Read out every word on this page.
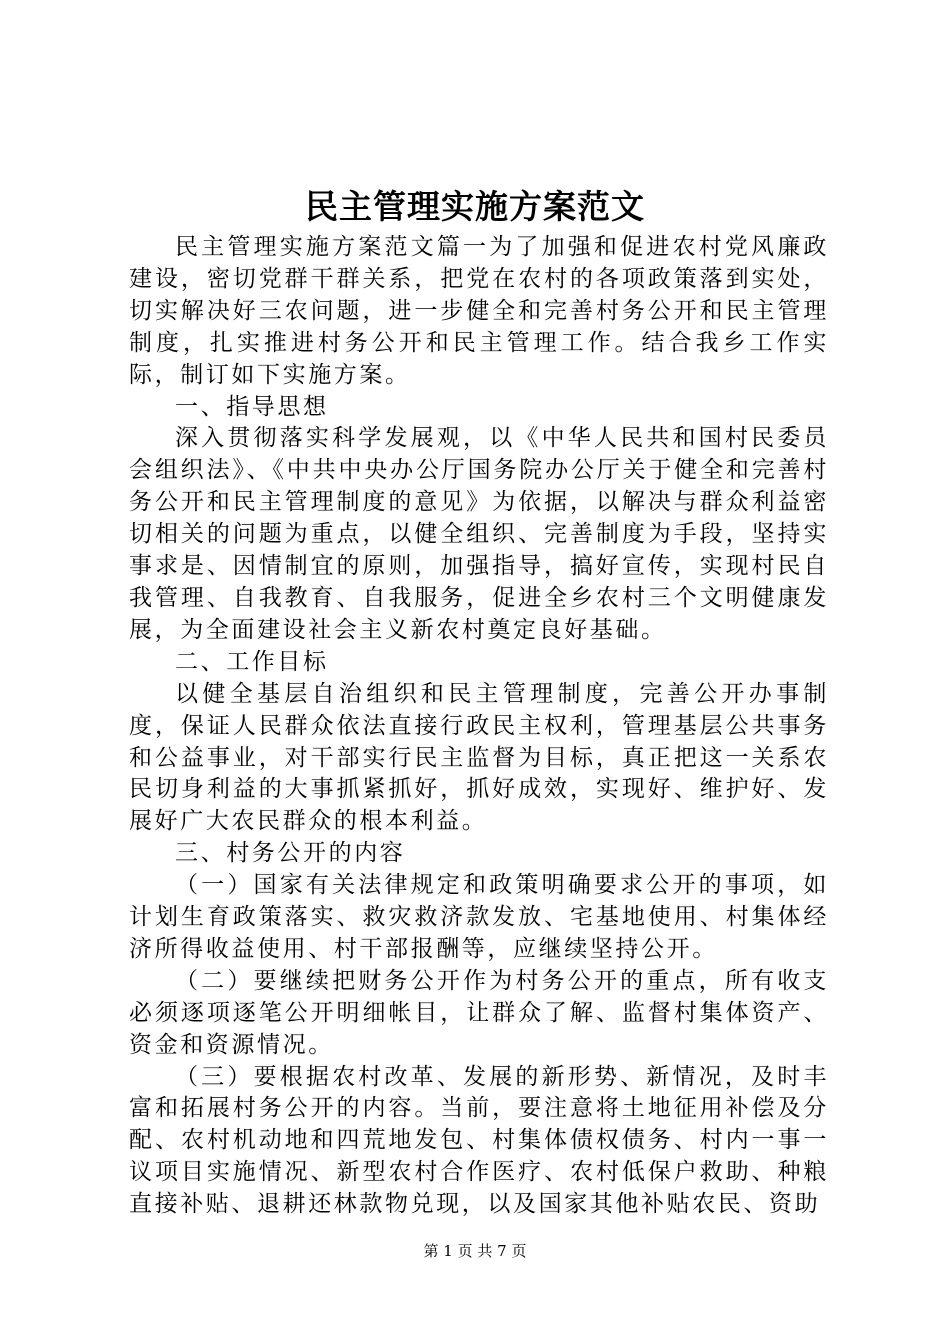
民主管理实施方案范文

民主管理实施方案范文篇一为了加强和促进农村党风廉政建设，密切党群干群关系，把党在农村的各项政策落到实处，切实解决好三农问题，进一步健全和完善村务公开和民主管理制度，扎实推进村务公开和民主管理工作。结合我乡工作实际，制订如下实施方案。

一、指导思想

深入贯彻落实科学发展观，以《中华人民共和国村民委员会组织法》、《中共中央办公厅国务院办公厅关于健全和完善村务公开和民主管理制度的意见》为依据，以解决与群众利益密切相关的问题为重点，以健全组织、完善制度为手段，坚持实事求是、因情制宜的原则，加强指导，搞好宣传，实现村民自我管理、自我教育、自我服务，促进全乡农村三个文明健康发展，为全面建设社会主义新农村奠定良好基础。

二、工作目标

以健全基层自治组织和民主管理制度，完善公开办事制度，保证人民群众依法直接行政民主权利，管理基层公共事务和公益事业，对干部实行民主监督为目标，真正把这一关系农民切身利益的大事抓紧抓好，抓好成效，实现好、维护好、发展好广大农民群众的根本利益。

三、村务公开的内容

（一）国家有关法律规定和政策明确要求公开的事项，如计划生育政策落实、救灾救济款发放、宅基地使用、村集体经济所得收益使用、村干部报酬等，应继续坚持公开。

（二）要继续把财务公开作为村务公开的重点，所有收支必须逐项逐笔公开明细帐目，让群众了解、监督村集体资产、资金和资源情况。

（三）要根据农村改革、发展的新形势、新情况，及时丰富和拓展村务公开的内容。当前，要注意将土地征用补偿及分配、农村机动地和四荒地发包、村集体债权债务、村内一事一议项目实施情况、新型农村合作医疗、农村低保户救助、种粮直接补贴、退耕还林款物兑现，以及国家其他补贴农民、资助

第 1 页 共 7 页
